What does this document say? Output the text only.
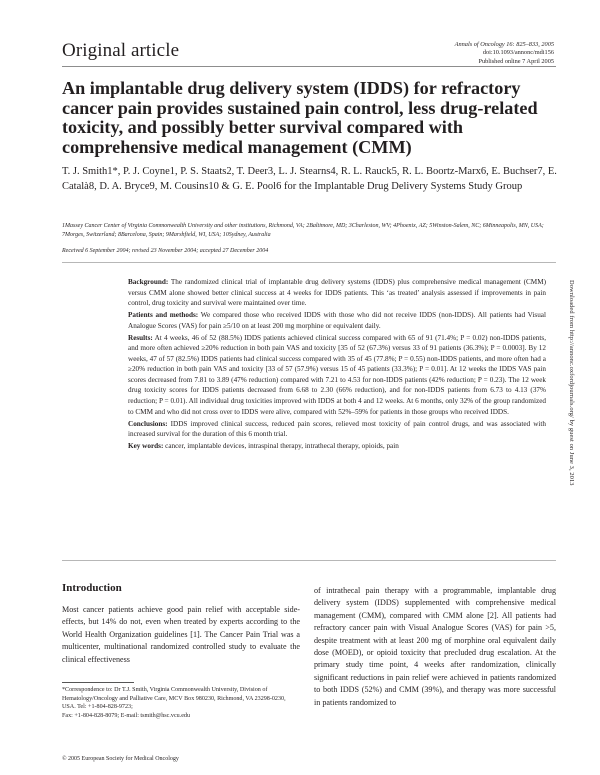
Original article	Annals of Oncology 16: 825–833, 2005
doi:10.1093/annonc/mdi156
Published online 7 April 2005
An implantable drug delivery system (IDDS) for refractory cancer pain provides sustained pain control, less drug-related toxicity, and possibly better survival compared with comprehensive medical management (CMM)
T. J. Smith1*, P. J. Coyne1, P. S. Staats2, T. Deer3, L. J. Stearns4, R. L. Rauck5, R. L. Boortz-Marx6, E. Buchser7, E. Català8, D. A. Bryce9, M. Cousins10 & G. E. Pool6 for the Implantable Drug Delivery Systems Study Group
1Massey Cancer Center of Virginia Commonwealth University and other institutions, Richmond, VA; 2Baltimore, MD; 3Charleston, WV; 4Phoenix, AZ; 5Winston-Salem, NC; 6Minneapolis, MN, USA; 7Morges, Switzerland; 8Barcelona, Spain; 9Marshfield, WI, USA; 10Sydney, Australia
Received 6 September 2004; revised 23 November 2004; accepted 27 December 2004

Background: The randomized clinical trial of implantable drug delivery systems (IDDS) plus comprehensive medical management (CMM) versus CMM alone showed better clinical success at 4 weeks for IDDS patients. This ‘as treated’ analysis assessed if improvements in pain control, drug toxicity and survival were maintained over time.

Patients and methods: We compared those who received IDDS with those who did not receive IDDS (non-IDDS). All patients had Visual Analogue Scores (VAS) for pain ≥5/10 on at least 200 mg morphine or equivalent daily.

Results: At 4 weeks, 46 of 52 (88.5%) IDDS patients achieved clinical success compared with 65 of 91 (71.4%; P = 0.02) non-IDDS patients, and more often achieved ≥20% reduction in both pain VAS and toxicity [35 of 52 (67.3%) versus 33 of 91 patients (36.3%); P = 0.0003]. By 12 weeks, 47 of 57 (82.5%) IDDS patients had clinical success compared with 35 of 45 (77.8%; P = 0.55) non-IDDS patients, and more often had a ≥20% reduction in both pain VAS and toxicity [33 of 57 (57.9%) versus 15 of 45 patients (33.3%); P = 0.01]. At 12 weeks the IDDS VAS pain scores decreased from 7.81 to 3.89 (47% reduction) compared with 7.21 to 4.53 for non-IDDS patients (42% reduction; P = 0.23). The 12 week drug toxicity scores for IDDS patients decreased from 6.68 to 2.30 (66% reduction), and for non-IDDS patients from 6.73 to 4.13 (37% reduction; P = 0.01). All individual drug toxicities improved with IDDS at both 4 and 12 weeks. At 6 months, only 32% of the group randomized to CMM and who did not cross over to IDDS were alive, compared with 52%–59% for patients in those groups who received IDDS.

Conclusions: IDDS improved clinical success, reduced pain scores, relieved most toxicity of pain control drugs, and was associated with increased survival for the duration of this 6 month trial.

Key words: cancer, implantable devices, intraspinal therapy, intrathecal therapy, opioids, pain	Downloaded from http://annonc.oxfordjournals.org/ by guest on June 3, 2013
Introduction
Most cancer patients achieve good pain relief with acceptable side-effects, but 14% do not, even when treated by experts according to the World Health Organization guidelines [1]. The Cancer Pain Trial was a multicenter, multinational randomized controlled study to evaluate the clinical effectiveness
of intrathecal pain therapy with a programmable, implantable drug delivery system (IDDS) supplemented with comprehensive medical management (CMM), compared with CMM alone [2]. All patients had refractory cancer pain with Visual Analogue Scores (VAS) for pain >5, despite treatment with at least 200 mg of morphine oral equivalent daily dose (MOED), or opioid toxicity that precluded drug escalation. At the primary study time point, 4 weeks after randomization, clinically significant reductions in pain relief were achieved in patients randomized to both IDDS (52%) and CMM (39%), and therapy was more successful in patients randomized to
*Correspondence to: Dr T.J. Smith, Virginia Commonwealth University, Division of Hematology/Oncology and Palliative Care, MCV Box 980230, Richmond, VA 23298-0230, USA. Tel: +1-804-828-9723;
Fax: +1-804-828-8079; E-mail: tsmith@hsc.vcu.edu
© 2005 European Society for Medical Oncology
